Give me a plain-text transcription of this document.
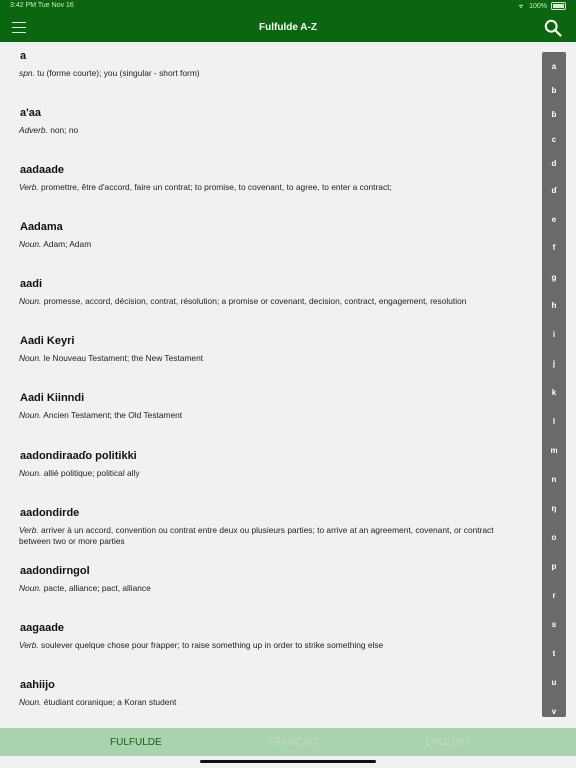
3:42 PM Tue Nov 16	100%
Fulfulde A-Z
a
spn. tu (forme courte); you (singular - short form)
a'aa
Adverb. non; no
aadaade
Verb. promettre, être d'accord, faire un contrat; to promise, to covenant, to agree, to enter a contract;
Aadama
Noun. Adam; Adam
aadi
Noun. promesse, accord, décision, contrat, résolution; a promise or covenant, decision, contract, engagement, resolution
Aadi Keyri
Noun. le Nouveau Testament; the New Testament
Aadi Kiinndi
Noun. Ancien Testament; the Old Testament
aadondiraaɗo politikki
Noun. allié politique; political ally
aadondirde
Verb. arriver à un accord, convention ou contrat entre deux ou plusieurs parties; to arrive at an agreement, covenant, or contract between two or more parties
aadondirngol
Noun. pacte, alliance; pact, alliance
aagaade
Verb. soulever quelque chose pour frapper; to raise something up in order to strike something else
aahiijo
Noun. étudiant coranique; a Koran student
a
b
ɓ
c
d
ɗ
e
f
g
h
i
j
k
l
m
n
ŋ
o
p
r
s
t
u
v
FULFULDE	FRANÇAIS	ENGLISH
